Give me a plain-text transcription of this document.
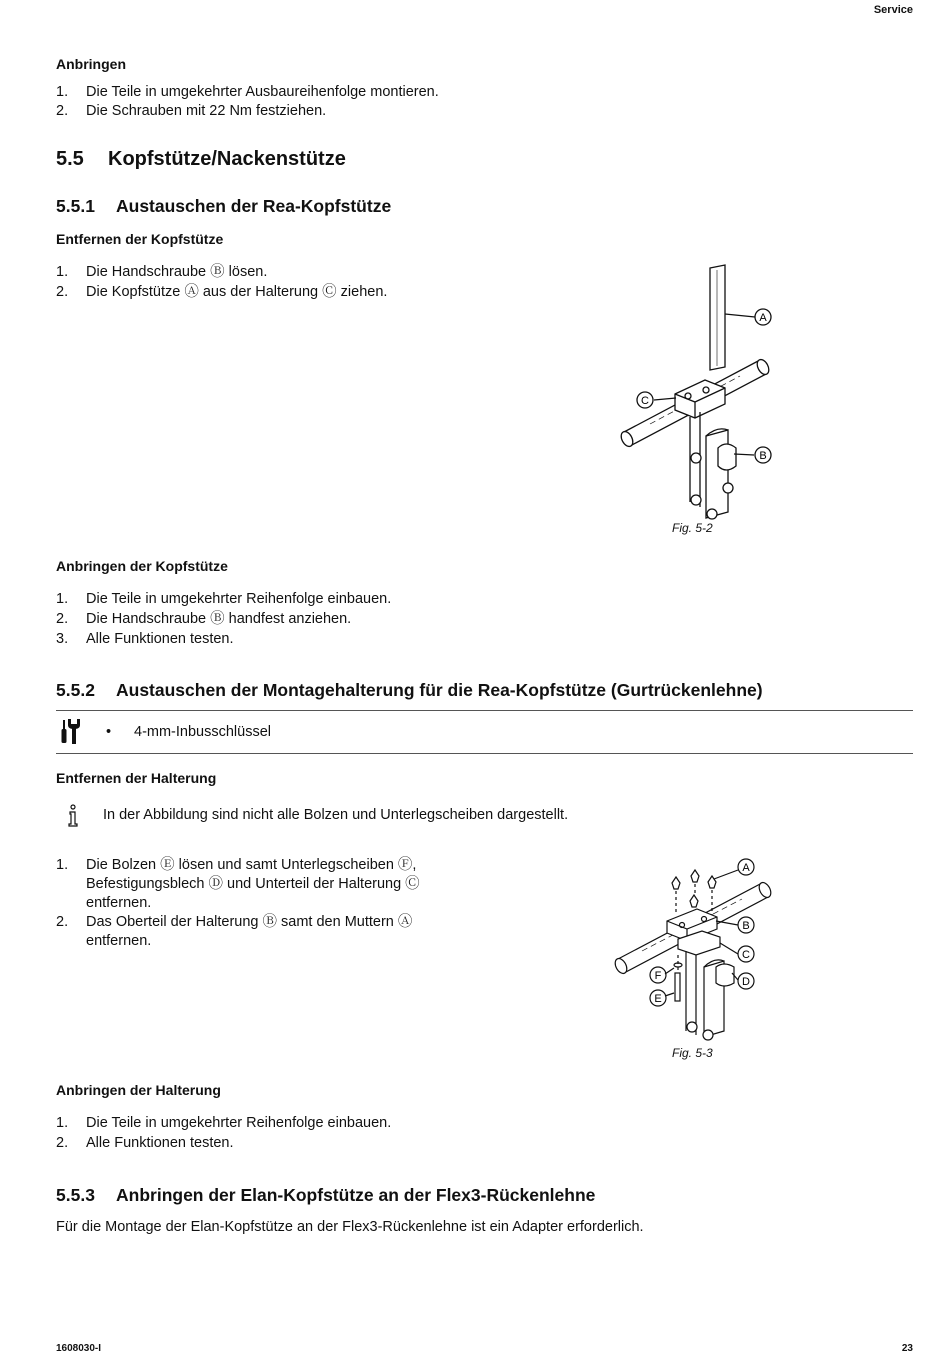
Service
Anbringen
1. Die Teile in umgekehrter Ausbaureihenfolge montieren.
2. Die Schrauben mit 22 Nm festziehen.
5.5 Kopfstütze/Nackenstütze
5.5.1 Austauschen der Rea-Kopfstütze
Entfernen der Kopfstütze
1. Die Handschraube Ⓑ lösen.
2. Die Kopfstütze Ⓐ aus der Halterung Ⓒ ziehen.
A
B
C
Fig. 5-2
Anbringen der Kopfstütze
1. Die Teile in umgekehrter Reihenfolge einbauen.
2. Die Handschraube Ⓑ handfest anziehen.
3. Alle Funktionen testen.
5.5.2 Austauschen der Montagehalterung für die Rea-Kopfstütze (Gurtrückenlehne)
• 4-mm-Inbusschlüssel
Entfernen der Halterung
In der Abbildung sind nicht alle Bolzen und Unterlegscheiben dargestellt.
1. Die Bolzen Ⓔ lösen und samt Unterlegscheiben Ⓕ,
Befestigungsblech Ⓓ und Unterteil der Halterung Ⓒ
entfernen.
2. Das Oberteil der Halterung Ⓑ samt den Muttern Ⓐ
entfernen.
A
B
C
D
E
F
Fig. 5-3
Anbringen der Halterung
1. Die Teile in umgekehrter Reihenfolge einbauen.
2. Alle Funktionen testen.
5.5.3 Anbringen der Elan-Kopfstütze an der Flex3-Rückenlehne
Für die Montage der Elan-Kopfstütze an der Flex3-Rückenlehne ist ein Adapter erforderlich.
1608030-I	23
